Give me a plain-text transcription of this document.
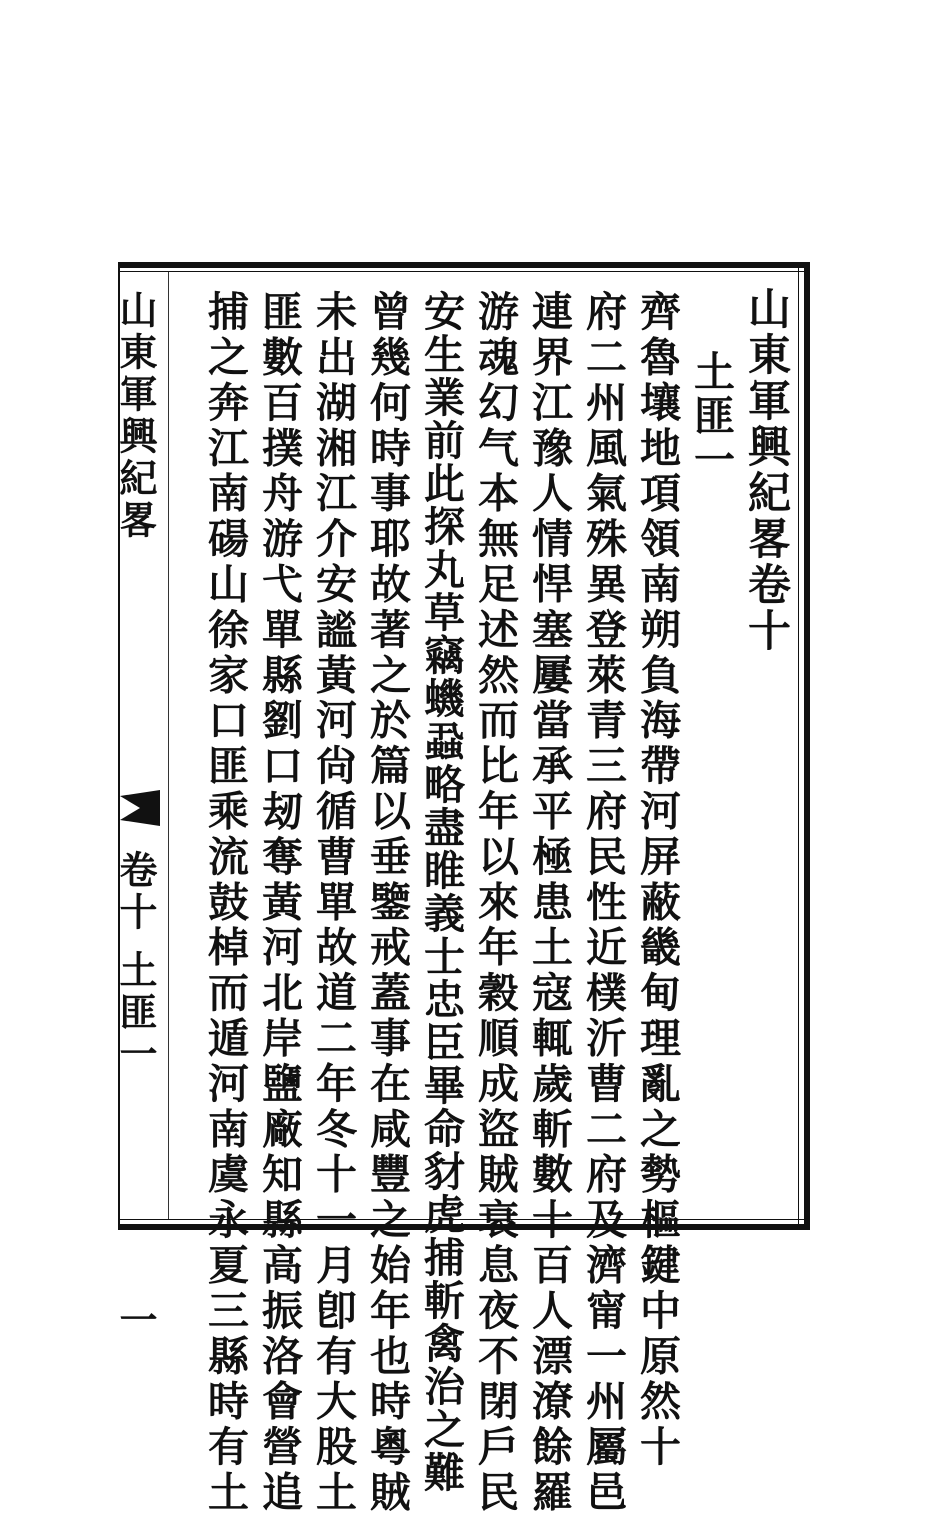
山東軍興紀畧卷十
土匪一
齊魯壤地項領南朔負海帶河屏蔽畿甸理亂之勢樞鍵中原然十
府二州風氣殊異登萊青三府民性近樸沂曹二府及濟甯一州屬邑
連界江豫人情悍塞屢當承平極患土寇輒歲斬數十百人漂潦餘羅
游魂幻气本無足述然而比年以來年穀順成盜賊衰息夜不閉戶民
安生業前此探丸草竊蟣蝨略盡睢義士忠臣畢命豺虎捕斬禽治之難
曾幾何時事耶故著之於篇以垂鑒戒蓋事在咸豐之始年也時粵賊
未出湖湘江介安謐黃河尙循曹單故道二年冬十一月卽有大股土
匪數百撲舟游弋單縣劉口刼奪黃河北岸鹽廠知縣高振洛會營追
捕之奔江南碭山徐家口匪乘流鼓棹而遁河南虞永夏三縣時有土
山東軍興紀畧
卷十
土匪一
一
